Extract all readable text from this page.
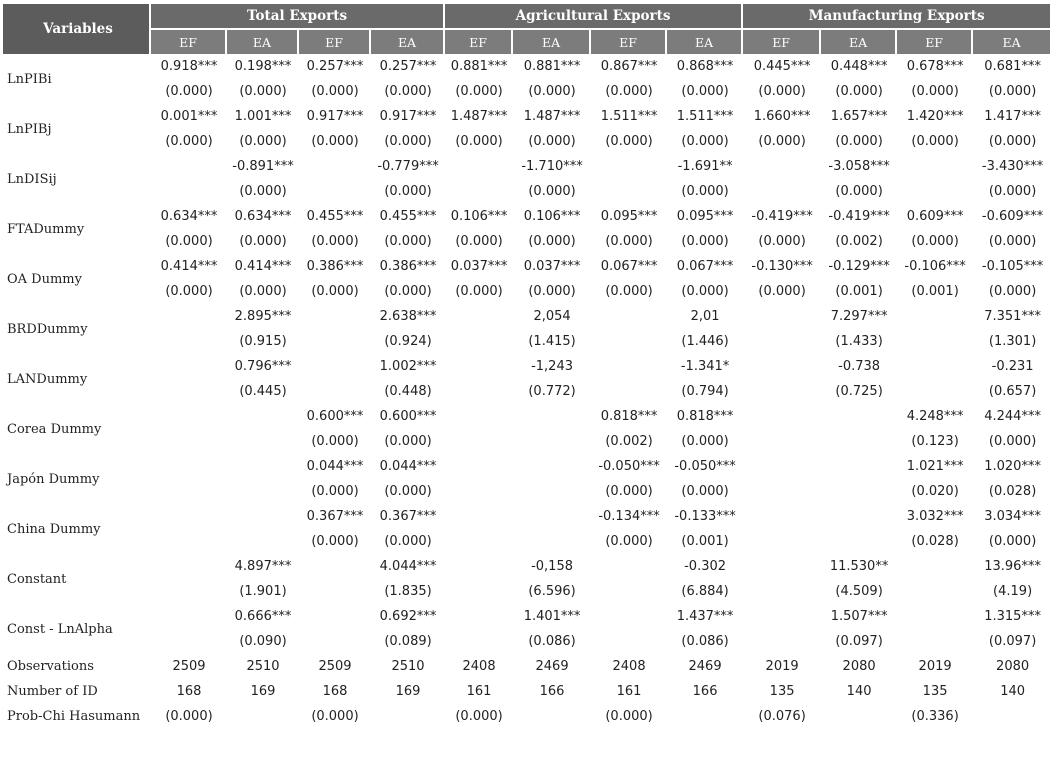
Variables	Total Exports				Agricultural Exports				Manufacturing Exports			
	EF	EA	EF	EA	EF	EA	EF	EA	EF	EA	EF	EA
LnPIBi	0.918***	0.198***	0.257***	0.257***	0.881***	0.881***	0.867***	0.868***	0.445***	0.448***	0.678***	0.681***
	(0.000)	(0.000)	(0.000)	(0.000)	(0.000)	(0.000)	(0.000)	(0.000)	(0.000)	(0.000)	(0.000)	(0.000)
LnPIBj	0.001***	1.001***	0.917***	0.917***	1.487***	1.487***	1.511***	1.511***	1.660***	1.657***	1.420***	1.417***
	(0.000)	(0.000)	(0.000)	(0.000)	(0.000)	(0.000)	(0.000)	(0.000)	(0.000)	(0.000)	(0.000)	(0.000)
LnDISij		-0.891***		-0.779***		-1.710***		-1.691**		-3.058***		-3.430***
		(0.000)		(0.000)		(0.000)		(0.000)		(0.000)		(0.000)
FTADummy	0.634***	0.634***	0.455***	0.455***	0.106***	0.106***	0.095***	0.095***	-0.419***	-0.419***	0.609***	-0.609***
	(0.000)	(0.000)	(0.000)	(0.000)	(0.000)	(0.000)	(0.000)	(0.000)	(0.000)	(0.002)	(0.000)	(0.000)
OA Dummy	0.414***	0.414***	0.386***	0.386***	0.037***	0.037***	0.067***	0.067***	-0.130***	-0.129***	-0.106***	-0.105***
	(0.000)	(0.000)	(0.000)	(0.000)	(0.000)	(0.000)	(0.000)	(0.000)	(0.000)	(0.001)	(0.001)	(0.000)
BRDDummy		2.895***		2.638***		2,054		2,01		7.297***		7.351***
		(0.915)		(0.924)		(1.415)		(1.446)		(1.433)		(1.301)
LANDummy		0.796***		1.002***		-1,243		-1.341*		-0.738		-0.231
		(0.445)		(0.448)		(0.772)		(0.794)		(0.725)		(0.657)
Corea Dummy			0.600***	0.600***			0.818***	0.818***			4.248***	4.244***
			(0.000)	(0.000)			(0.002)	(0.000)			(0.123)	(0.000)
Japón Dummy			0.044***	0.044***			-0.050***	-0.050***			1.021***	1.020***
			(0.000)	(0.000)			(0.000)	(0.000)			(0.020)	(0.028)
China Dummy			0.367***	0.367***			-0.134***	-0.133***			3.032***	3.034***
			(0.000)	(0.000)			(0.000)	(0.001)			(0.028)	(0.000)
Constant		4.897***		4.044***		-0,158		-0.302		11.530**		13.96***
		(1.901)		(1.835)		(6.596)		(6.884)		(4.509)		(4.19)
Const - LnAlpha		0.666***		0.692***		1.401***		1.437***		1.507***		1.315***
		(0.090)		(0.089)		(0.086)		(0.086)		(0.097)		(0.097)
Observations	2509	2510	2509	2510	2408	2469	2408	2469	2019	2080	2019	2080
Number of ID	168	169	168	169	161	166	161	166	135	140	135	140
Prob-Chi Hasumann	(0.000)		(0.000)		(0.000)		(0.000)		(0.076)		(0.336)	
